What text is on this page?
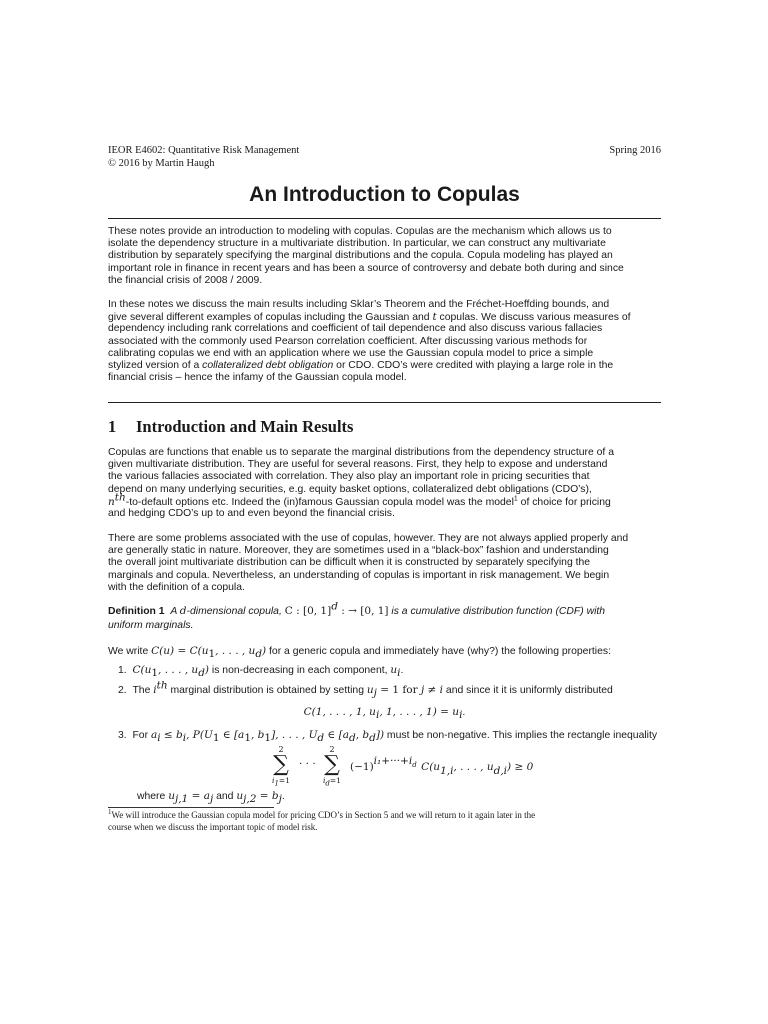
IEOR E4602: Quantitative Risk Management	Spring 2016
© 2016 by Martin Haugh
An Introduction to Copulas
These notes provide an introduction to modeling with copulas. Copulas are the mechanism which allows us to
isolate the dependency structure in a multivariate distribution. In particular, we can construct any multivariate
distribution by separately specifying the marginal distributions and the copula. Copula modeling has played an
important role in finance in recent years and has been a source of controversy and debate both during and since
the financial crisis of 2008 / 2009.
In these notes we discuss the main results including Sklar’s Theorem and the Fréchet-Hoeffding bounds, and
give several different examples of copulas including the Gaussian and t copulas. We discuss various measures of
dependency including rank correlations and coefficient of tail dependence and also discuss various fallacies
associated with the commonly used Pearson correlation coefficient. After discussing various methods for
calibrating copulas we end with an application where we use the Gaussian copula model to price a simple
stylized version of a collateralized debt obligation or CDO. CDO’s were credited with playing a large role in the
financial crisis – hence the infamy of the Gaussian copula model.
1 Introduction and Main Results
Copulas are functions that enable us to separate the marginal distributions from the dependency structure of a
given multivariate distribution. They are useful for several reasons. First, they help to expose and understand
the various fallacies associated with correlation. They also play an important role in pricing securities that
depend on many underlying securities, e.g. equity basket options, collateralized debt obligations (CDO’s),
$n^{th}-to$-default options etc. Indeed the (in)famous Gaussian copula model was the model$^1$ of choice for pricing
and hedging CDO’s up to and even beyond the financial crisis.
There are some problems associated with the use of copulas, however. They are not always applied properly and
are generally static in nature. Moreover, they are sometimes used in a “black-box” fashion and understanding
the overall joint multivariate distribution can be difficult when it is constructed by separately specifying the
marginals and copula. Nevertheless, an understanding of copulas is important in risk management. We begin
with the definition of a copula.
Definition 1 A d-dimensional copula, C : [0, 1]$^d$ : → [0, 1] is a cumulative distribution function (CDF) with
uniform marginals.
We write $C(u) = C(u_1$, . . . , $u_d$) for a generic copula and immediately have (why?) the following properties:
1. $C(u_1$, . . . , $u_d$) is non-decreasing in each component, $u_i$.
2. The $i^{th}$ marginal distribution is obtained by setting $u_j = 1$ for j ≠ i and since it it is uniformly distributed
C(1, . . . , 1, $u_i$, 1, . . . , $1) = u_i$.
3. For $a_i \le b_i$, $P(U_1$ ∈ [$a_1$, $b_1$], . . . , $U_d$ ∈ [$a_d$, $b_d$]) must be non-negative. This implies the rectangle inequality
2
∑
$i_1=1$
· · ·
2
∑
$i_d=1$
$(-1)^{i_1+\cdot\cdot\cdot+i_d}$ $C(u_{1,i}$, . . . , $u_{d,i}) \ge 0$
where $u_{j,1} = a_j$ and $u_{j,2} = b_j$.
$^1$We will introduce the Gaussian copula model for pricing CDO’s in Section 5 and we will return to it again later in the
course when we discuss the important topic of model risk.
